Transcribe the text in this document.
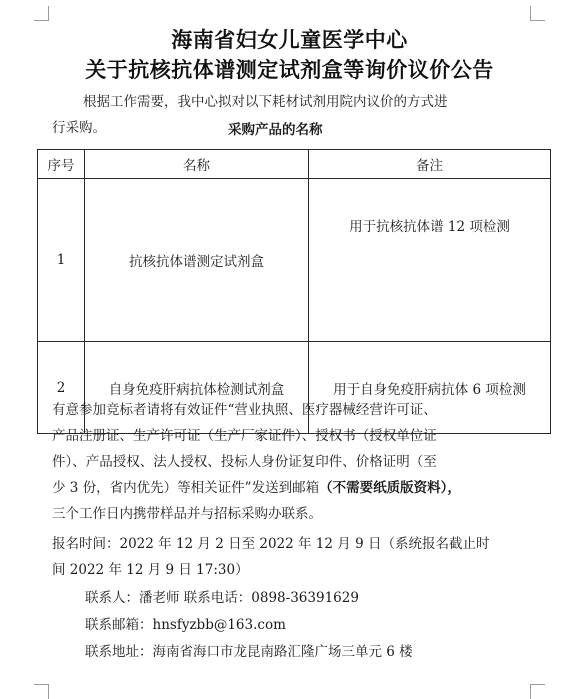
海南省妇女儿童医学中心
关于抗核抗体谱测定试剂盒等询价议价公告
根据工作需要，我中心拟对以下耗材试剂用院内议价的方式进
行采购。	采购产品的名称
序号	名称	备注
1	抗核抗体谱测定试剂盒	用于抗核抗体谱 12 项检测
2	自身免疫肝病抗体检测试剂盒	用于自身免疫肝病抗体 6 项检测
有意参加竞标者请将有效证件“营业执照、医疗器械经营许可证、
产品注册证、生产许可证（生产厂家证件）、授权书（授权单位证
件）、产品授权、法人授权、投标人身份证复印件、价格证明（至
少 3 份，省内优先）等相关证件”发送到邮箱（不需要纸质版资料），
三个工作日内携带样品并与招标采购办联系。
报名时间：2022 年 12 月 2 日至 2022 年 12 月 9 日（系统报名截止时
间 2022 年 12 月 9 日 17:30）
联系人：潘老师 联系电话：0898-36391629
联系邮箱：hnsfyzbb@163.com
联系地址：海南省海口市龙昆南路汇隆广场三单元 6 楼
